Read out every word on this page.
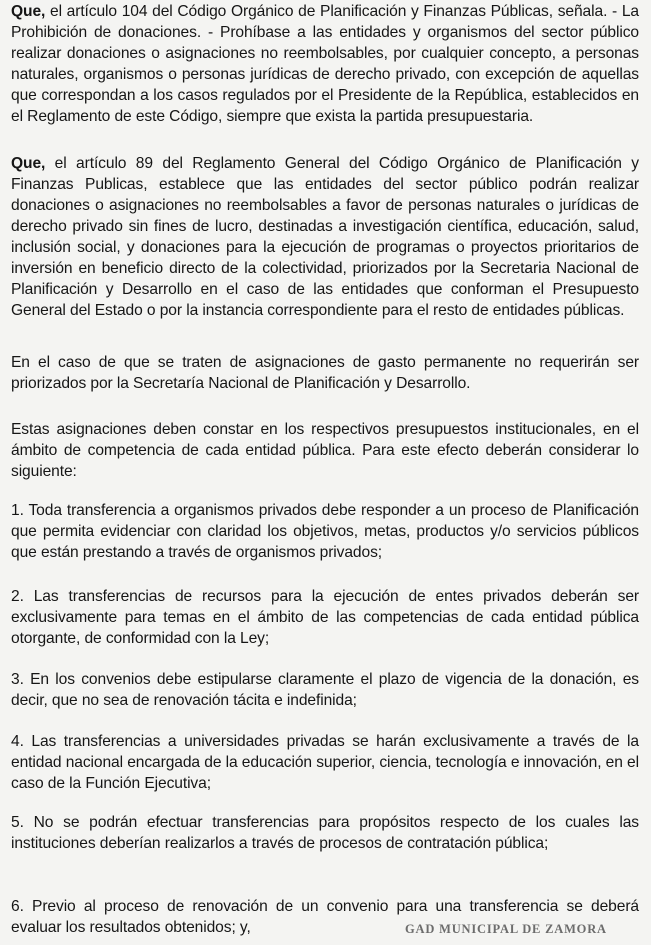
Que, el artículo 104 del Código Orgánico de Planificación y Finanzas Públicas, señala. - La Prohibición de donaciones. - Prohíbase a las entidades y organismos del sector público realizar donaciones o asignaciones no reembolsables, por cualquier concepto, a personas naturales, organismos o personas jurídicas de derecho privado, con excepción de aquellas que correspondan a los casos regulados por el Presidente de la República, establecidos en el Reglamento de este Código, siempre que exista la partida presupuestaria.

Que, el artículo 89 del Reglamento General del Código Orgánico de Planificación y Finanzas Publicas, establece que las entidades del sector público podrán realizar donaciones o asignaciones no reembolsables a favor de personas naturales o jurídicas de derecho privado sin fines de lucro, destinadas a investigación científica, educación, salud, inclusión social, y donaciones para la ejecución de programas o proyectos prioritarios de inversión en beneficio directo de la colectividad, priorizados por la Secretaria Nacional de Planificación y Desarrollo en el caso de las entidades que conforman el Presupuesto General del Estado o por la instancia correspondiente para el resto de entidades públicas.

En el caso de que se traten de asignaciones de gasto permanente no requerirán ser priorizados por la Secretaría Nacional de Planificación y Desarrollo.

Estas asignaciones deben constar en los respectivos presupuestos institucionales, en el ámbito de competencia de cada entidad pública. Para este efecto deberán considerar lo siguiente:

1. Toda transferencia a organismos privados debe responder a un proceso de Planificación que permita evidenciar con claridad los objetivos, metas, productos y/o servicios públicos que están prestando a través de organismos privados;

2. Las transferencias de recursos para la ejecución de entes privados deberán ser exclusivamente para temas en el ámbito de las competencias de cada entidad pública otorgante, de conformidad con la Ley;

3. En los convenios debe estipularse claramente el plazo de vigencia de la donación, es decir, que no sea de renovación tácita e indefinida;

4. Las transferencias a universidades privadas se harán exclusivamente a través de la entidad nacional encargada de la educación superior, ciencia, tecnología e innovación, en el caso de la Función Ejecutiva;

5. No se podrán efectuar transferencias para propósitos respecto de los cuales las instituciones deberían realizarlos a través de procesos de contratación pública;

6. Previo al proceso de renovación de un convenio para una transferencia se deberá evaluar los resultados obtenidos; y,	GAD MUNICIPAL DE ZAMORA
